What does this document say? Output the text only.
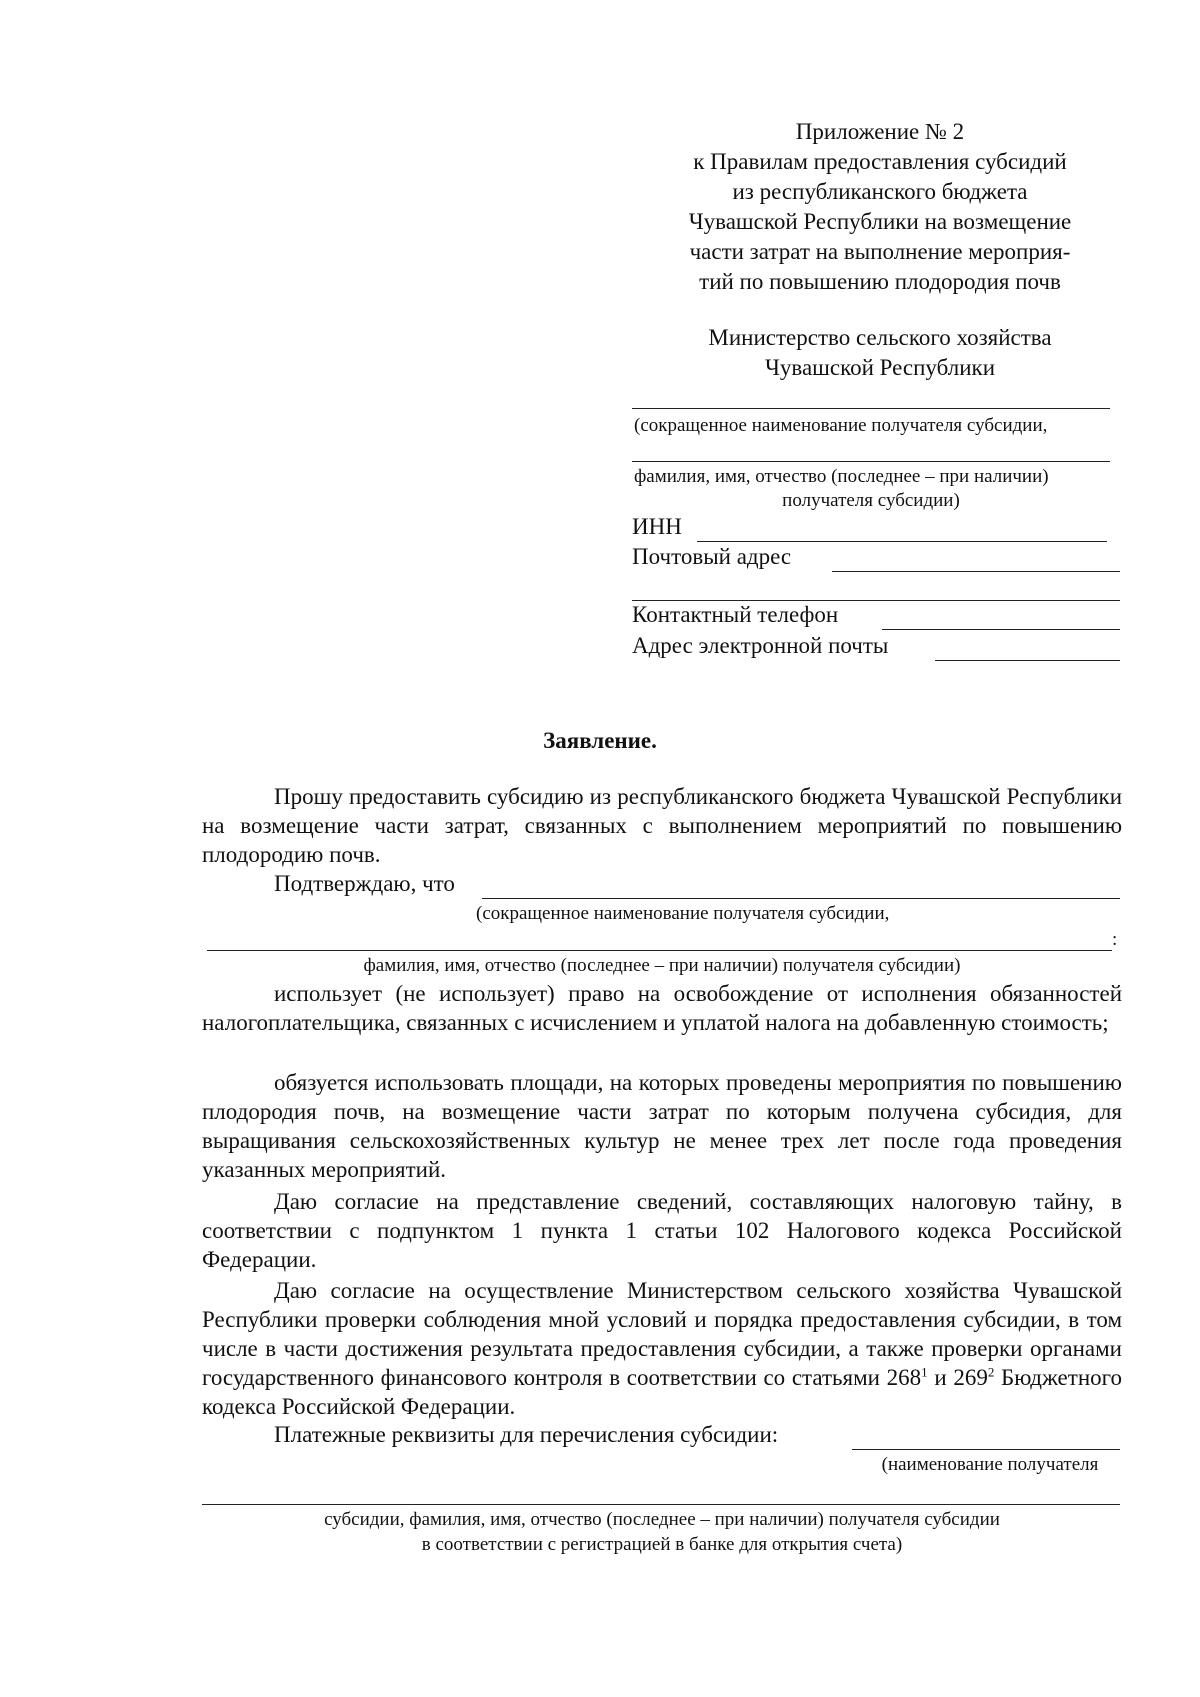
Приложение № 2
к Правилам предоставления субсидий
из республиканского бюджета
Чувашской Республики на возмещение
части затрат на выполнение мероприя-
тий по повышению плодородия почв
Министерство сельского хозяйства
Чувашской Республики
(сокращенное наименование получателя субсидии,
фамилия, имя, отчество (последнее – при наличии)
получателя субсидии)
ИНН
Почтовый адрес
Контактный телефон
Адрес электронной почты
Заявление.
Прошу предоставить субсидию из республиканского бюджета Чувашской Республики на возмещение части затрат, связанных с выполнением мероприятий по повышению плодородию почв.
Подтверждаю, что
(сокращенное наименование получателя субсидии,
:
фамилия, имя, отчество (последнее – при наличии) получателя субсидии)
использует (не использует) право на освобождение от исполнения обязанностей налогоплательщика, связанных с исчислением и уплатой налога на добавленную стоимость;
обязуется использовать площади, на которых проведены мероприятия по повышению плодородия почв, на возмещение части затрат по которым получена субсидия, для выращивания сельскохозяйственных культур не менее трех лет после года проведения указанных мероприятий.
Даю согласие на представление сведений, составляющих налоговую тайну, в соответствии с подпунктом 1 пункта 1 статьи 102 Налогового кодекса Российской Федерации.
Даю согласие на осуществление Министерством сельского хозяйства Чувашской Республики проверки соблюдения мной условий и порядка предоставления субсидии, в том числе в части достижения результата предоставления субсидии, а также проверки органами государственного финансового контроля в соответствии со статьями $268^1$ и $269^2$ Бюджетного кодекса Российской Федерации.
Платежные реквизиты для перечисления субсидии:
(наименование получателя
субсидии, фамилия, имя, отчество (последнее – при наличии) получателя субсидии
в соответствии с регистрацией в банке для открытия счета)
